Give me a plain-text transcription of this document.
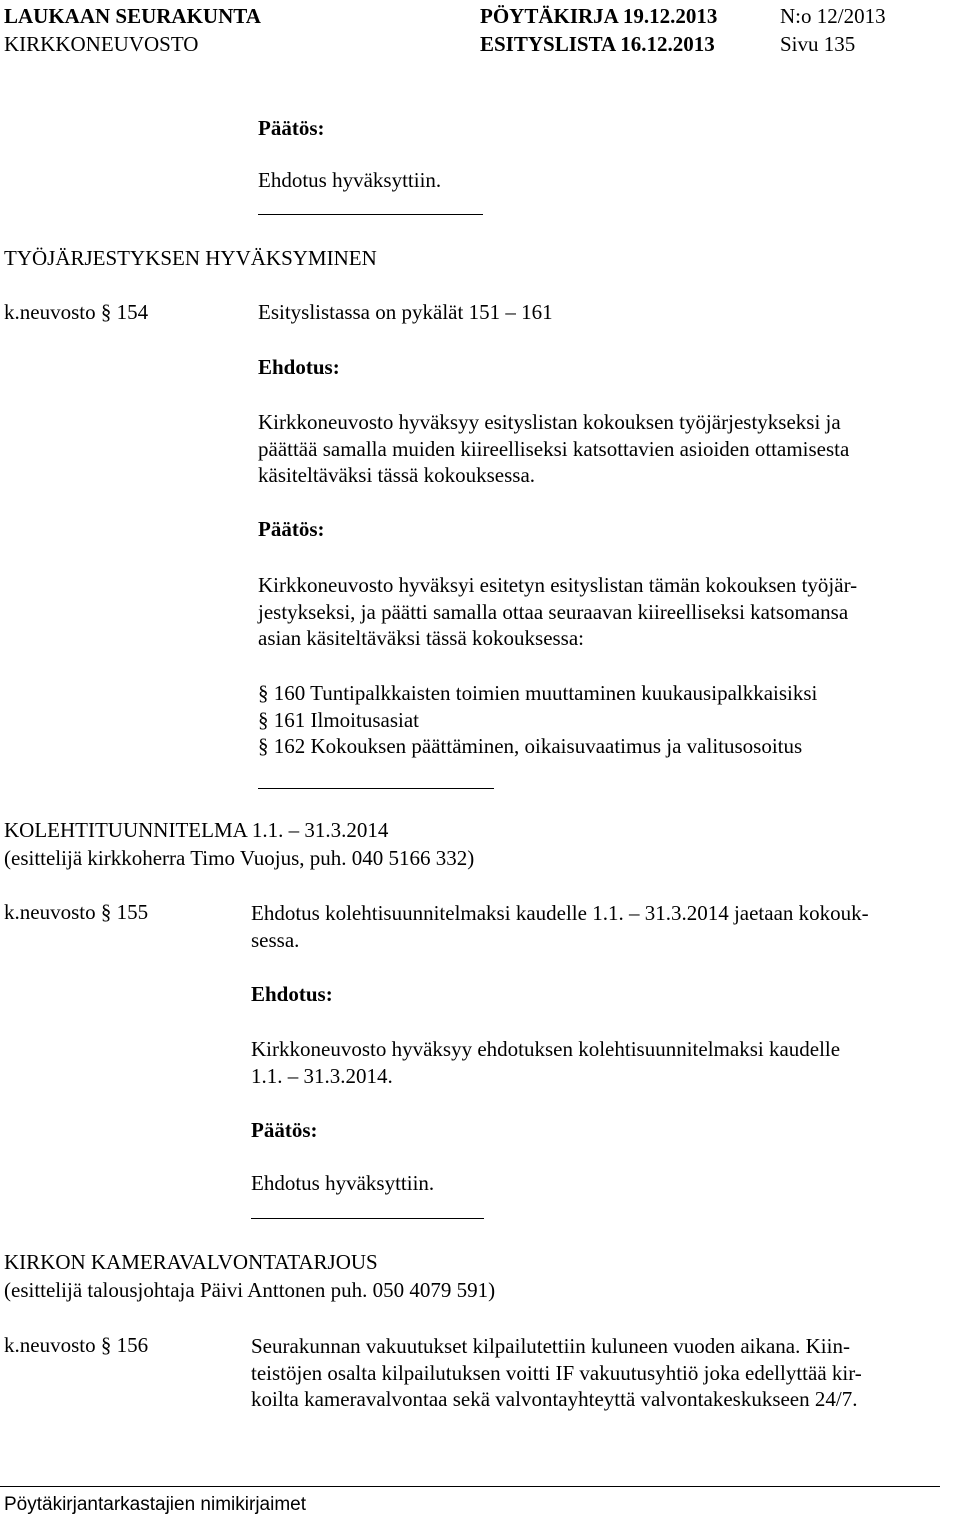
LAUKAAN SEURAKUNTA
KIRKKONEUVOSTO
PÖYTÄKIRJA 19.12.2013
ESITYSLISTA 16.12.2013
N:o 12/2013
Sivu 135
Päätös:
Ehdotus hyväksyttiin.
TYÖJÄRJESTYKSEN HYVÄKSYMINEN
k.neuvosto § 154	Esityslistassa on pykälät 151 – 161
Ehdotus:
Kirkkoneuvosto hyväksyy esityslistan kokouksen työjärjestykseksi ja
päättää samalla muiden kiireelliseksi katsottavien asioiden ottamisesta
käsiteltäväksi tässä kokouksessa.
Päätös:
Kirkkoneuvosto hyväksyi esitetyn esityslistan tämän kokouksen työjär-
jestykseksi, ja päätti samalla ottaa seuraavan kiireelliseksi katsomansa
asian käsiteltäväksi tässä kokouksessa:
§ 160 Tuntipalkkaisten toimien muuttaminen kuukausipalkkaisiksi
§ 161 Ilmoitusasiat
§ 162 Kokouksen päättäminen, oikaisuvaatimus ja valitusosoitus
KOLEHTITUUNNITELMA 1.1. – 31.3.2014
(esittelijä kirkkoherra Timo Vuojus, puh. 040 5166 332)
k.neuvosto § 155	Ehdotus kolehtisuunnitelmaksi kaudelle 1.1. – 31.3.2014 jaetaan kokouk-
sessa.
Ehdotus:
Kirkkoneuvosto hyväksyy ehdotuksen kolehtisuunnitelmaksi kaudelle
1.1. – 31.3.2014.
Päätös:
Ehdotus hyväksyttiin.
KIRKON KAMERAVALVONTATARJOUS
(esittelijä talousjohtaja Päivi Anttonen puh. 050 4079 591)
k.neuvosto § 156	Seurakunnan vakuutukset kilpailutettiin kuluneen vuoden aikana. Kiin-
teistöjen osalta kilpailutuksen voitti IF vakuutusyhtiö joka edellyttää kir-
koilta kameravalvontaa sekä valvontayhteyttä valvontakeskukseen 24/7.
Pöytäkirjantarkastajien nimikirjaimet
